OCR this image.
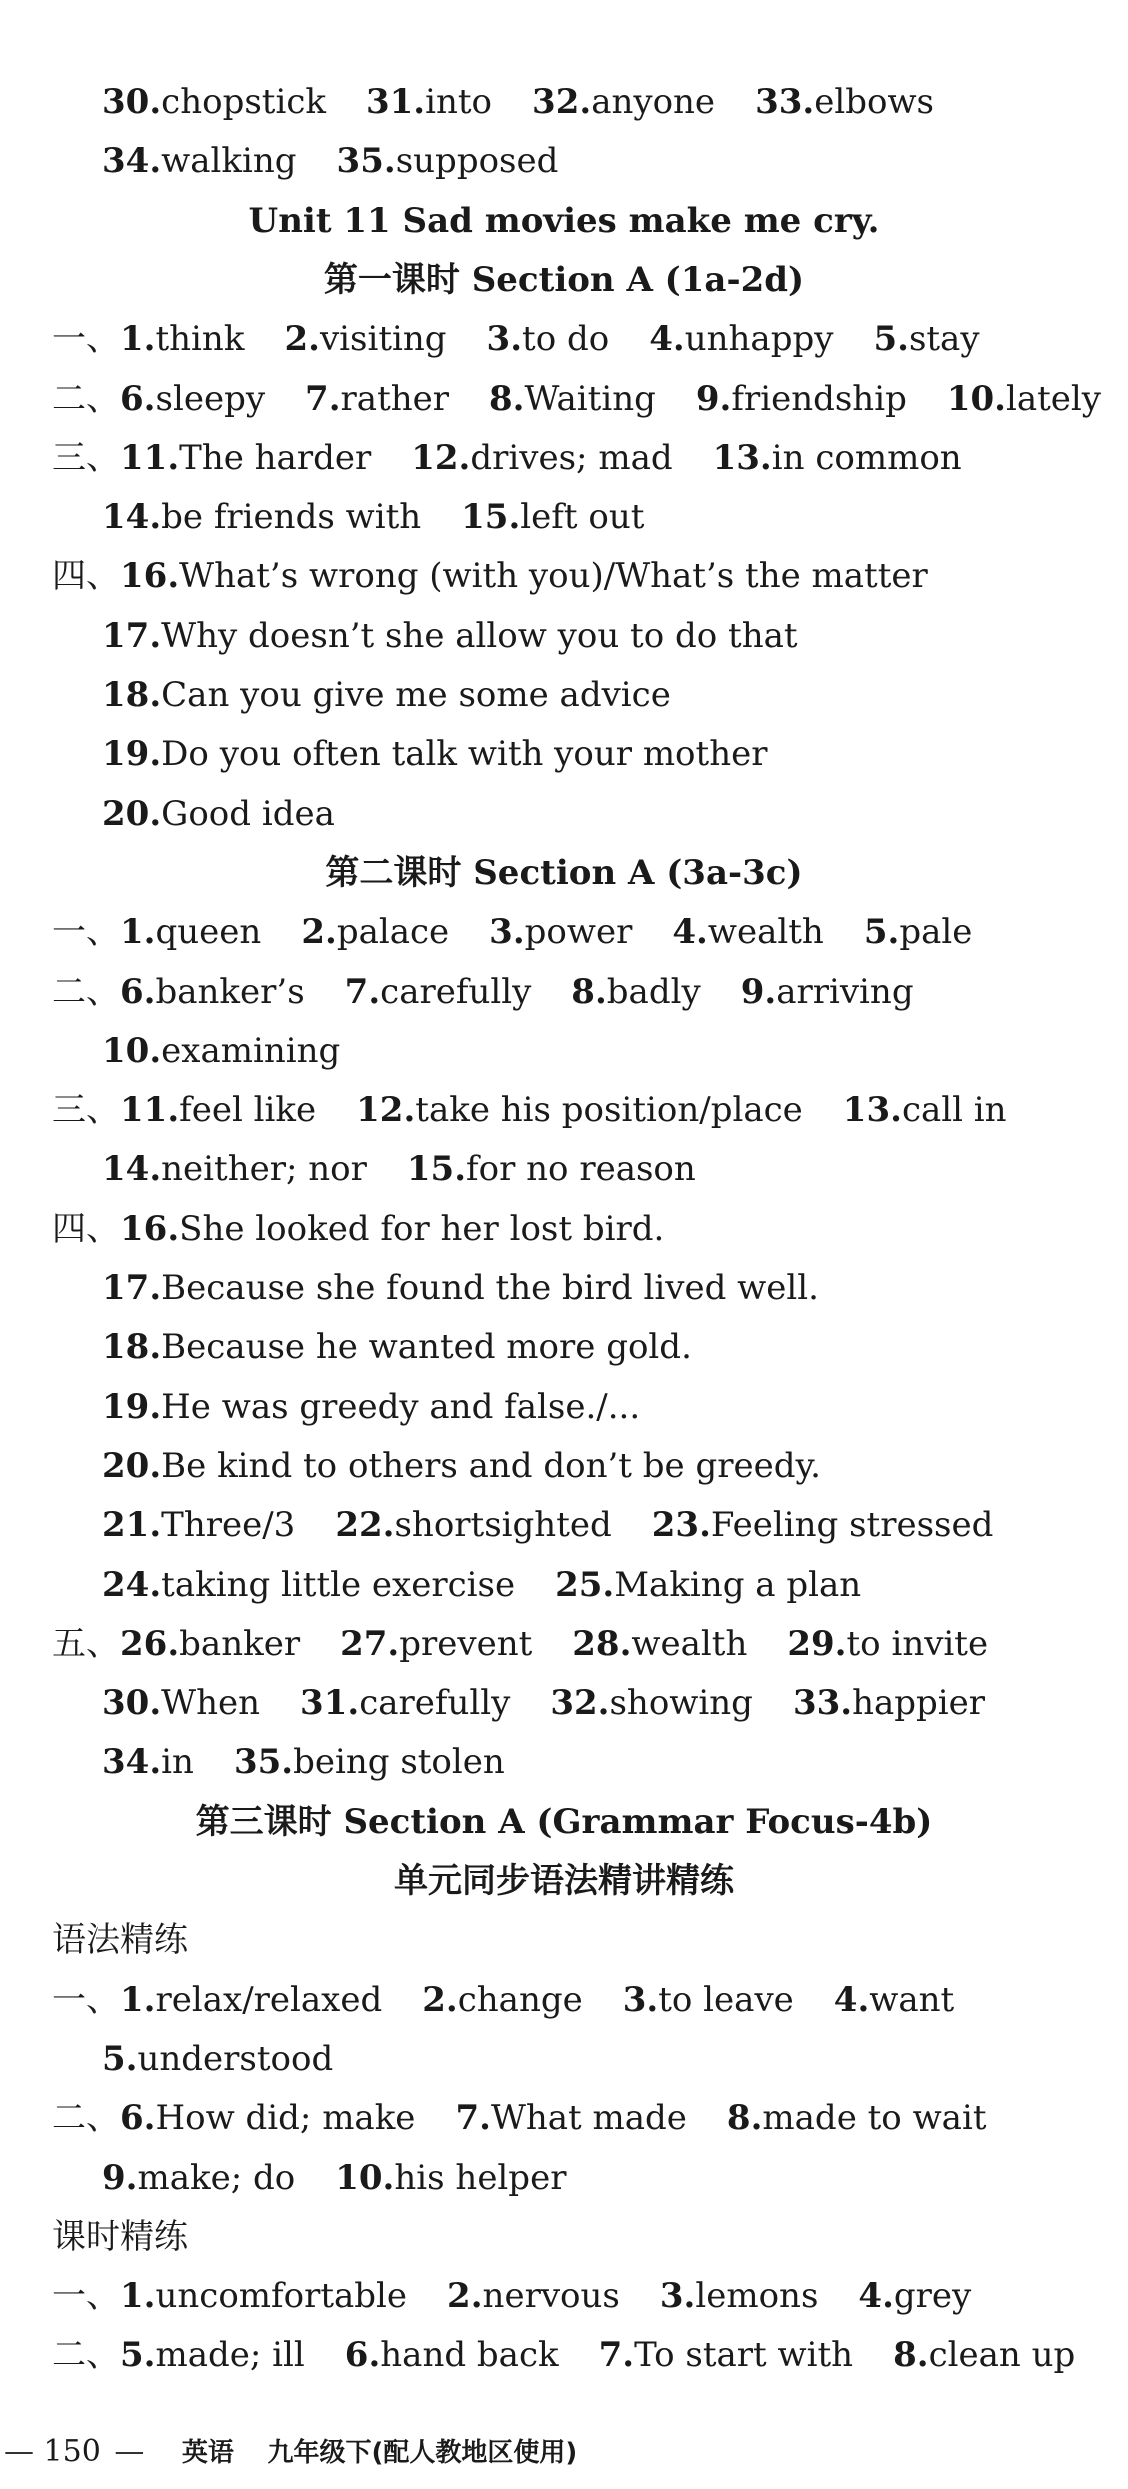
30.chopstick 31.into 32.anyone 33.elbows
34.walking 35.supposed
Unit 11 Sad movies make me cry.
第一课时 Section A (1a-2d)
一、1.think 2.visiting 3.to do 4.unhappy 5.stay
二、6.sleepy 7.rather 8.Waiting 9.friendship 10.lately
三、11.The harder 12.drives; mad 13.in common
14.be friends with 15.left out
四、16.What’s wrong (with you)/What’s the matter
17.Why doesn’t she allow you to do that
18.Can you give me some advice
19.Do you often talk with your mother
20.Good idea
第二课时 Section A (3a-3c)
一、1.queen 2.palace 3.power 4.wealth 5.pale
二、6.banker’s 7.carefully 8.badly 9.arriving
10.examining
三、11.feel like 12.take his position/place 13.call in
14.neither; nor 15.for no reason
四、16.She looked for her lost bird.
17.Because she found the bird lived well.
18.Because he wanted more gold.
19.He was greedy and false./...
20.Be kind to others and don’t be greedy.
21.Three/3 22.shortsighted 23.Feeling stressed
24.taking little exercise 25.Making a plan
五、26.banker 27.prevent 28.wealth 29.to invite
30.When 31.carefully 32.showing 33.happier
34.in 35.being stolen
第三课时 Section A (Grammar Focus-4b)
单元同步语法精讲精练
语法精练
一、1.relax/relaxed 2.change 3.to leave 4.want
5.understood
二、6.How did; make 7.What made 8.made to wait
9.make; do 10.his helper
课时精练
一、1.uncomfortable 2.nervous 3.lemons 4.grey
二、5.made; ill 6.hand back 7.To start with 8.clean up
— 150 — 英语 九年级下(配人教地区使用)
